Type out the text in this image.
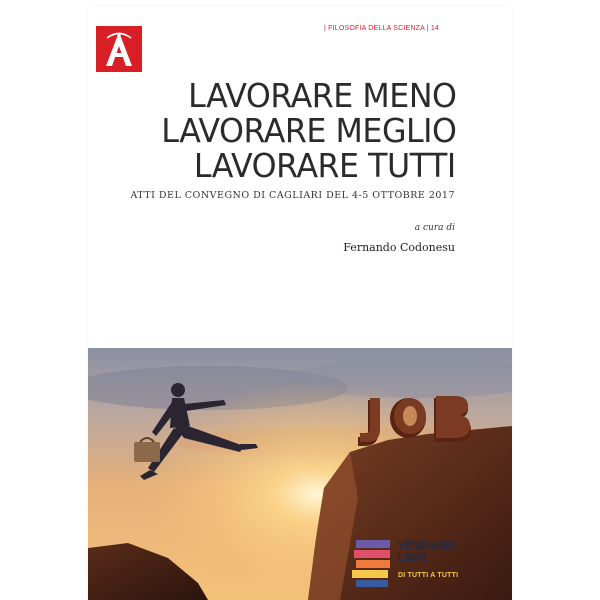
| FILOSOFIA DELLA SCIENZA | 14
LAVORARE MENO
LAVORARE MEGLIO
LAVORARE TUTTI
ATTI DEL CONVEGNO DI CAGLIARI DEL 4-5 OTTOBRE 2017
a cura di
Fernando Codonesu
VENDIAMO
LIBRI
DI TUTTI A TUTTI
